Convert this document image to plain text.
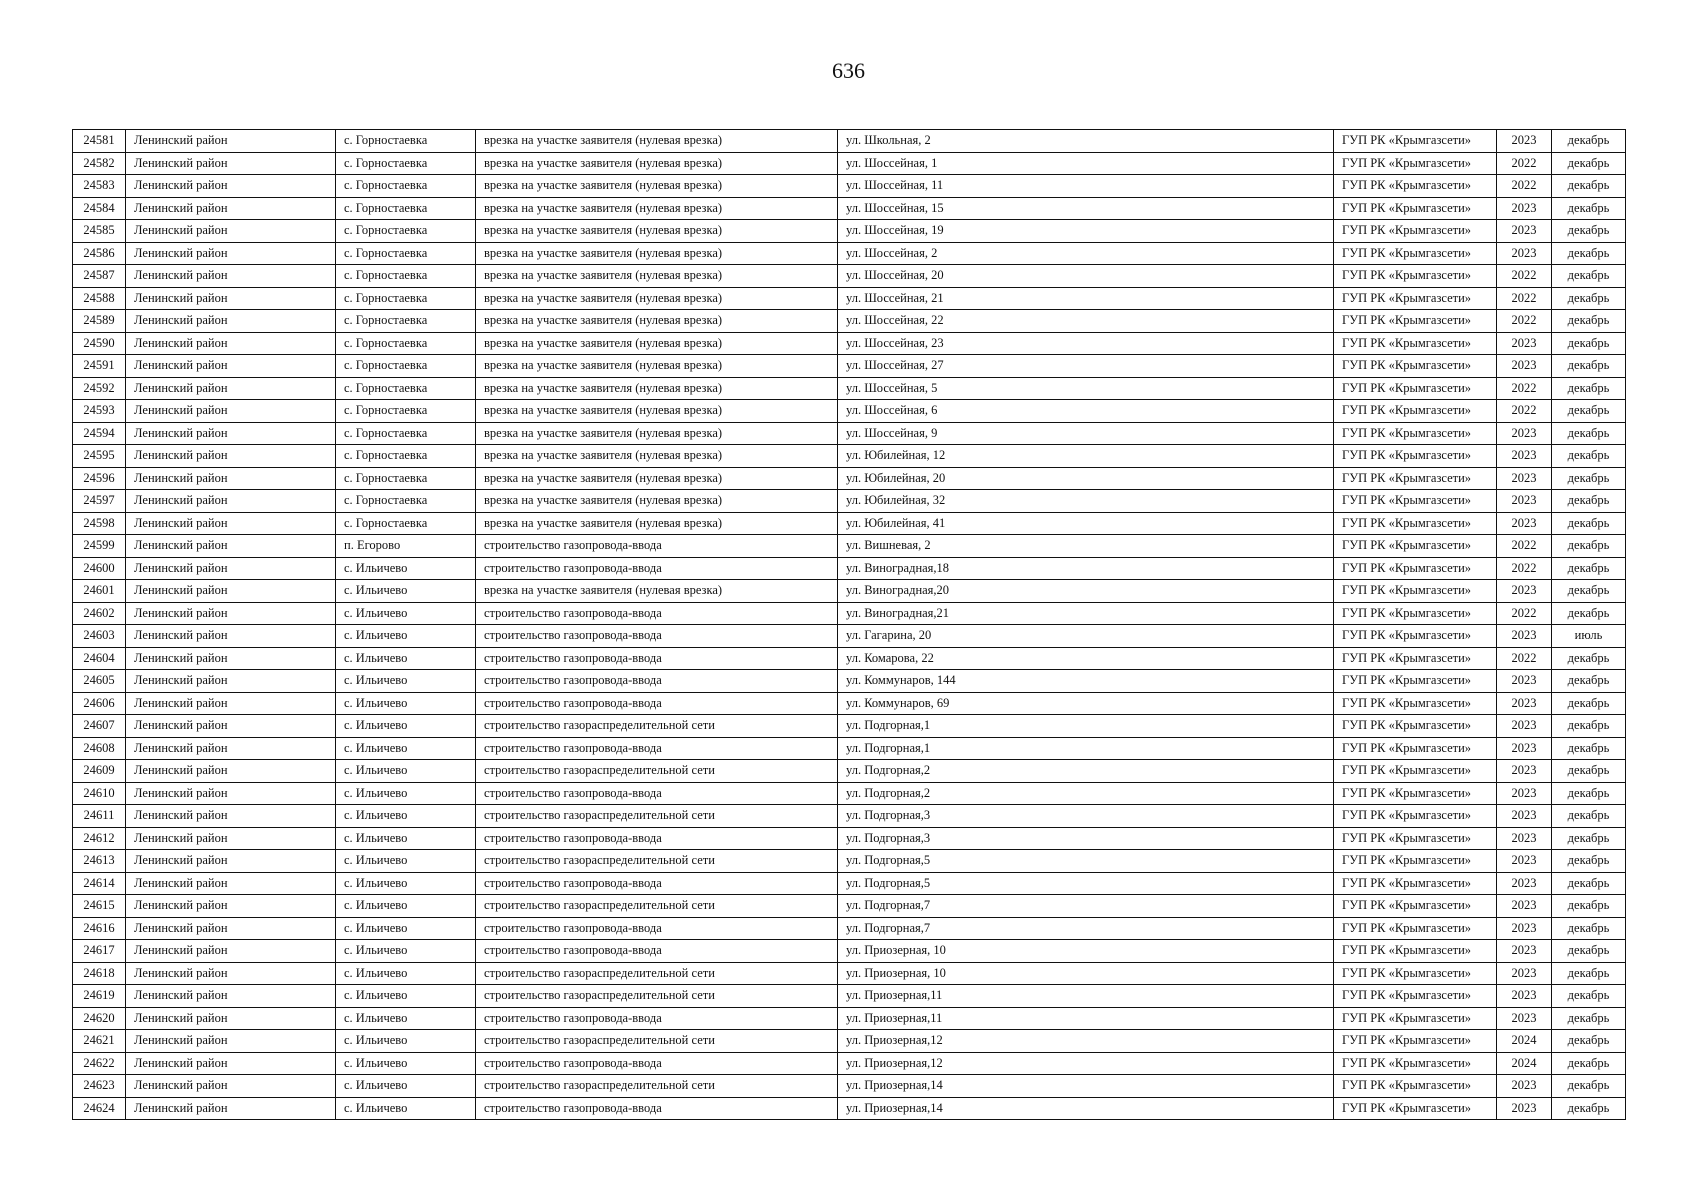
636
24581	Ленинский район	с. Горностаевка	врезка на участке заявителя (нулевая врезка)	ул. Школьная, 2	ГУП РК «Крымгазсети»	2023	декабрь
24582	Ленинский район	с. Горностаевка	врезка на участке заявителя (нулевая врезка)	ул. Шоссейная, 1	ГУП РК «Крымгазсети»	2022	декабрь
24583	Ленинский район	с. Горностаевка	врезка на участке заявителя (нулевая врезка)	ул. Шоссейная, 11	ГУП РК «Крымгазсети»	2022	декабрь
24584	Ленинский район	с. Горностаевка	врезка на участке заявителя (нулевая врезка)	ул. Шоссейная, 15	ГУП РК «Крымгазсети»	2023	декабрь
24585	Ленинский район	с. Горностаевка	врезка на участке заявителя (нулевая врезка)	ул. Шоссейная, 19	ГУП РК «Крымгазсети»	2023	декабрь
24586	Ленинский район	с. Горностаевка	врезка на участке заявителя (нулевая врезка)	ул. Шоссейная, 2	ГУП РК «Крымгазсети»	2023	декабрь
24587	Ленинский район	с. Горностаевка	врезка на участке заявителя (нулевая врезка)	ул. Шоссейная, 20	ГУП РК «Крымгазсети»	2022	декабрь
24588	Ленинский район	с. Горностаевка	врезка на участке заявителя (нулевая врезка)	ул. Шоссейная, 21	ГУП РК «Крымгазсети»	2022	декабрь
24589	Ленинский район	с. Горностаевка	врезка на участке заявителя (нулевая врезка)	ул. Шоссейная, 22	ГУП РК «Крымгазсети»	2022	декабрь
24590	Ленинский район	с. Горностаевка	врезка на участке заявителя (нулевая врезка)	ул. Шоссейная, 23	ГУП РК «Крымгазсети»	2023	декабрь
24591	Ленинский район	с. Горностаевка	врезка на участке заявителя (нулевая врезка)	ул. Шоссейная, 27	ГУП РК «Крымгазсети»	2023	декабрь
24592	Ленинский район	с. Горностаевка	врезка на участке заявителя (нулевая врезка)	ул. Шоссейная, 5	ГУП РК «Крымгазсети»	2022	декабрь
24593	Ленинский район	с. Горностаевка	врезка на участке заявителя (нулевая врезка)	ул. Шоссейная, 6	ГУП РК «Крымгазсети»	2022	декабрь
24594	Ленинский район	с. Горностаевка	врезка на участке заявителя (нулевая врезка)	ул. Шоссейная, 9	ГУП РК «Крымгазсети»	2023	декабрь
24595	Ленинский район	с. Горностаевка	врезка на участке заявителя (нулевая врезка)	ул. Юбилейная, 12	ГУП РК «Крымгазсети»	2023	декабрь
24596	Ленинский район	с. Горностаевка	врезка на участке заявителя (нулевая врезка)	ул. Юбилейная, 20	ГУП РК «Крымгазсети»	2023	декабрь
24597	Ленинский район	с. Горностаевка	врезка на участке заявителя (нулевая врезка)	ул. Юбилейная, 32	ГУП РК «Крымгазсети»	2023	декабрь
24598	Ленинский район	с. Горностаевка	врезка на участке заявителя (нулевая врезка)	ул. Юбилейная, 41	ГУП РК «Крымгазсети»	2023	декабрь
24599	Ленинский район	п. Егорово	строительство газопровода-ввода	ул. Вишневая, 2	ГУП РК «Крымгазсети»	2022	декабрь
24600	Ленинский район	с. Ильичево	строительство газопровода-ввода	ул. Виноградная,18	ГУП РК «Крымгазсети»	2022	декабрь
24601	Ленинский район	с. Ильичево	врезка на участке заявителя (нулевая врезка)	ул. Виноградная,20	ГУП РК «Крымгазсети»	2023	декабрь
24602	Ленинский район	с. Ильичево	строительство газопровода-ввода	ул. Виноградная,21	ГУП РК «Крымгазсети»	2022	декабрь
24603	Ленинский район	с. Ильичево	строительство газопровода-ввода	ул. Гагарина, 20	ГУП РК «Крымгазсети»	2023	июль
24604	Ленинский район	с. Ильичево	строительство газопровода-ввода	ул. Комарова, 22	ГУП РК «Крымгазсети»	2022	декабрь
24605	Ленинский район	с. Ильичево	строительство газопровода-ввода	ул. Коммунаров, 144	ГУП РК «Крымгазсети»	2023	декабрь
24606	Ленинский район	с. Ильичево	строительство газопровода-ввода	ул. Коммунаров, 69	ГУП РК «Крымгазсети»	2023	декабрь
24607	Ленинский район	с. Ильичево	строительство газораспределительной сети	ул. Подгорная,1	ГУП РК «Крымгазсети»	2023	декабрь
24608	Ленинский район	с. Ильичево	строительство газопровода-ввода	ул. Подгорная,1	ГУП РК «Крымгазсети»	2023	декабрь
24609	Ленинский район	с. Ильичево	строительство газораспределительной сети	ул. Подгорная,2	ГУП РК «Крымгазсети»	2023	декабрь
24610	Ленинский район	с. Ильичево	строительство газопровода-ввода	ул. Подгорная,2	ГУП РК «Крымгазсети»	2023	декабрь
24611	Ленинский район	с. Ильичево	строительство газораспределительной сети	ул. Подгорная,3	ГУП РК «Крымгазсети»	2023	декабрь
24612	Ленинский район	с. Ильичево	строительство газопровода-ввода	ул. Подгорная,3	ГУП РК «Крымгазсети»	2023	декабрь
24613	Ленинский район	с. Ильичево	строительство газораспределительной сети	ул. Подгорная,5	ГУП РК «Крымгазсети»	2023	декабрь
24614	Ленинский район	с. Ильичево	строительство газопровода-ввода	ул. Подгорная,5	ГУП РК «Крымгазсети»	2023	декабрь
24615	Ленинский район	с. Ильичево	строительство газораспределительной сети	ул. Подгорная,7	ГУП РК «Крымгазсети»	2023	декабрь
24616	Ленинский район	с. Ильичево	строительство газопровода-ввода	ул. Подгорная,7	ГУП РК «Крымгазсети»	2023	декабрь
24617	Ленинский район	с. Ильичево	строительство газопровода-ввода	ул. Приозерная, 10	ГУП РК «Крымгазсети»	2023	декабрь
24618	Ленинский район	с. Ильичево	строительство газораспределительной сети	ул. Приозерная, 10	ГУП РК «Крымгазсети»	2023	декабрь
24619	Ленинский район	с. Ильичево	строительство газораспределительной сети	ул. Приозерная,11	ГУП РК «Крымгазсети»	2023	декабрь
24620	Ленинский район	с. Ильичево	строительство газопровода-ввода	ул. Приозерная,11	ГУП РК «Крымгазсети»	2023	декабрь
24621	Ленинский район	с. Ильичево	строительство газораспределительной сети	ул. Приозерная,12	ГУП РК «Крымгазсети»	2024	декабрь
24622	Ленинский район	с. Ильичево	строительство газопровода-ввода	ул. Приозерная,12	ГУП РК «Крымгазсети»	2024	декабрь
24623	Ленинский район	с. Ильичево	строительство газораспределительной сети	ул. Приозерная,14	ГУП РК «Крымгазсети»	2023	декабрь
24624	Ленинский район	с. Ильичево	строительство газопровода-ввода	ул. Приозерная,14	ГУП РК «Крымгазсети»	2023	декабрь
